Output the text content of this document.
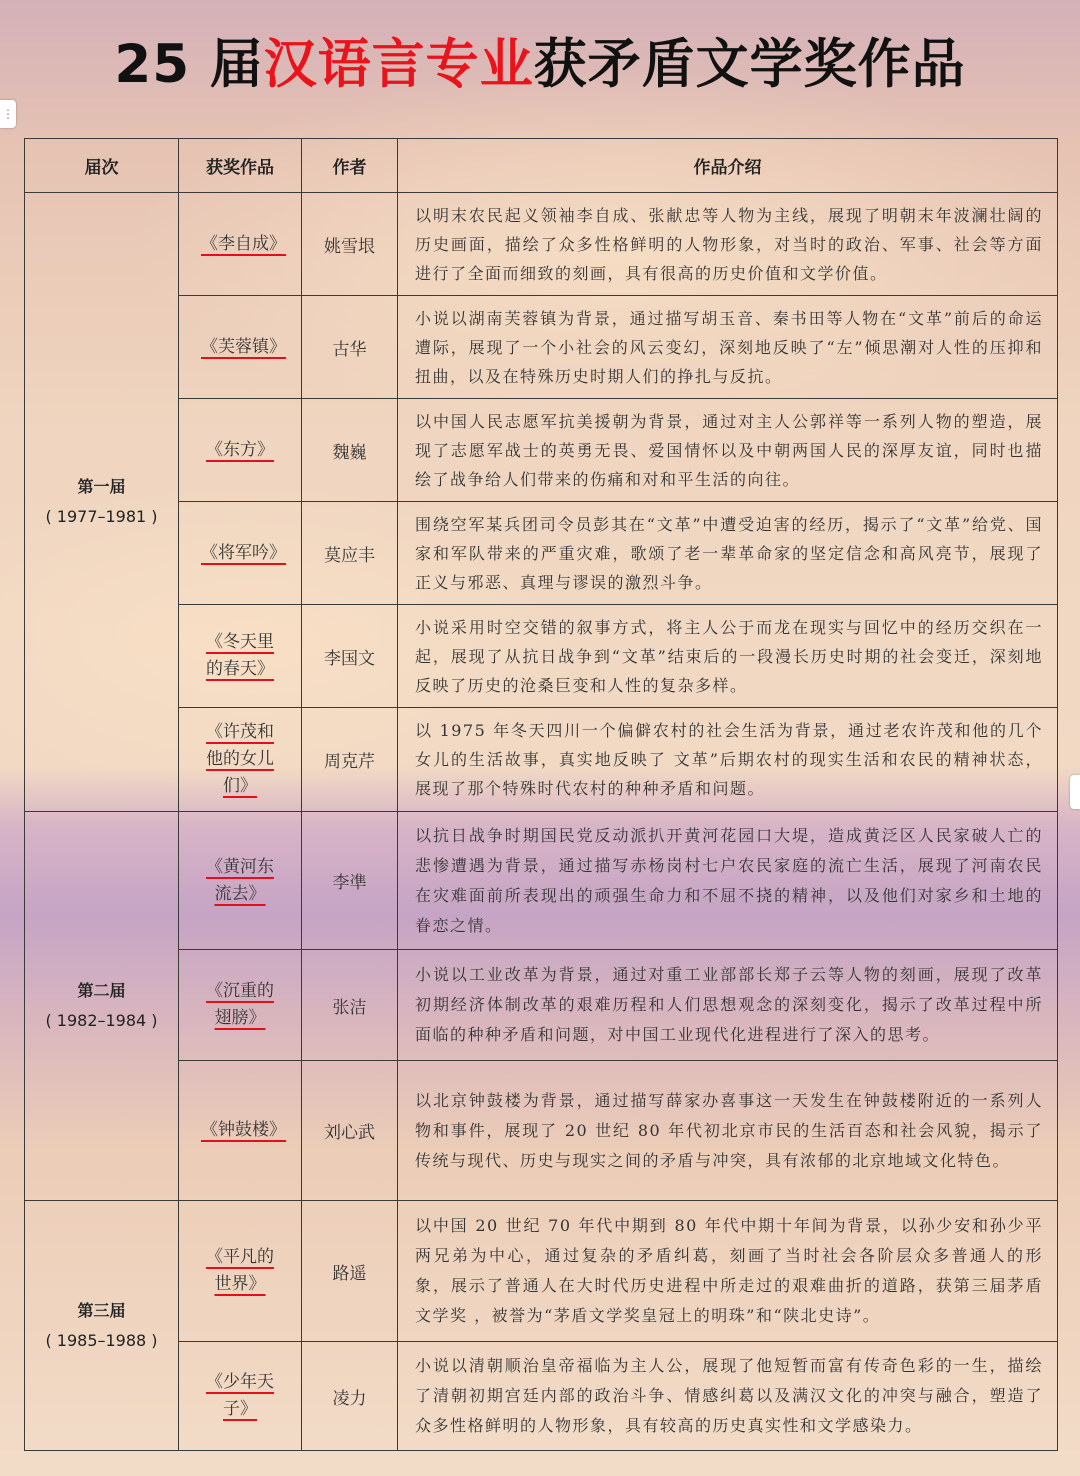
⋮
25 届汉语言专业获矛盾文学奖作品
届次	获奖作品	作者	作品介绍

第一届
( 1977–1981 )	《李自成》	姚雪垠	以明末农民起义领袖李自成、张献忠等人物为主线，展现了明朝末年波澜壮阔的历史画面，描绘了众多性格鲜明的人物形象，对当时的政治、军事、社会等方面进行了全面而细致的刻画，具有很高的历史价值和文学价值。
	《芙蓉镇》	古华	小说以湖南芙蓉镇为背景，通过描写胡玉音、秦书田等人物在“文革”前后的命运遭际，展现了一个小社会的风云变幻，深刻地反映了“左”倾思潮对人性的压抑和扭曲，以及在特殊历史时期人们的挣扎与反抗。
	《东方》	魏巍	以中国人民志愿军抗美援朝为背景，通过对主人公郭祥等一系列人物的塑造，展现了志愿军战士的英勇无畏、爱国情怀以及中朝两国人民的深厚友谊，同时也描绘了战争给人们带来的伤痛和对和平生活的向往。
	《将军吟》	莫应丰	围绕空军某兵团司令员彭其在“文革”中遭受迫害的经历，揭示了“文革”给党、国家和军队带来的严重灾难，歌颂了老一辈革命家的坚定信念和高风亮节，展现了正义与邪恶、真理与谬误的激烈斗争。
	《冬天里的春天》	李国文	小说采用时空交错的叙事方式，将主人公于而龙在现实与回忆中的经历交织在一起，展现了从抗日战争到“文革”结束后的一段漫长历史时期的社会变迁，深刻地反映了历史的沧桑巨变和人性的复杂多样。
	《许茂和他的女儿们》	周克芹	以 1975 年冬天四川一个偏僻农村的社会生活为背景，通过老农许茂和他的几个女儿的生活故事，真实地反映了 文革”后期农村的现实生活和农民的精神状态，展现了那个特殊时代农村的种种矛盾和问题。

第二届
( 1982–1984 )	《黄河东流去》	李凖	以抗日战争时期国民党反动派扒开黄河花园口大堤，造成黄泛区人民家破人亡的悲惨遭遇为背景，通过描写赤杨岗村七户农民家庭的流亡生活，展现了河南农民在灾难面前所表现出的顽强生命力和不屈不挠的精神，以及他们对家乡和土地的眷恋之情。
	《沉重的翅膀》	张洁	小说以工业改革为背景，通过对重工业部部长郑子云等人物的刻画，展现了改革初期经济体制改革的艰难历程和人们思想观念的深刻变化，揭示了改革过程中所面临的种种矛盾和问题，对中国工业现代化进程进行了深入的思考。
	《钟鼓楼》	刘心武	以北京钟鼓楼为背景，通过描写薛家办喜事这一天发生在钟鼓楼附近的一系列人物和事件，展现了 20 世纪 80 年代初北京市民的生活百态和社会风貌，揭示了传统与现代、历史与现实之间的矛盾与冲突，具有浓郁的北京地域文化特色。

第三届
( 1985–1988 )	《平凡的世界》	路遥	以中国 20 世纪 70 年代中期到 80 年代中期十年间为背景，以孙少安和孙少平两兄弟为中心，通过复杂的矛盾纠葛，刻画了当时社会各阶层众多普通人的形象，展示了普通人在大时代历史进程中所走过的艰难曲折的道路，获第三届茅盾文学奖 ，被誉为“茅盾文学奖皇冠上的明珠”和“陕北史诗”。
	《少年天子》	凌力	小说以清朝顺治皇帝福临为主人公，展现了他短暂而富有传奇色彩的一生，描绘了清朝初期宫廷内部的政治斗争、情感纠葛以及满汉文化的冲突与融合，塑造了众多性格鲜明的人物形象，具有较高的历史真实性和文学感染力。
